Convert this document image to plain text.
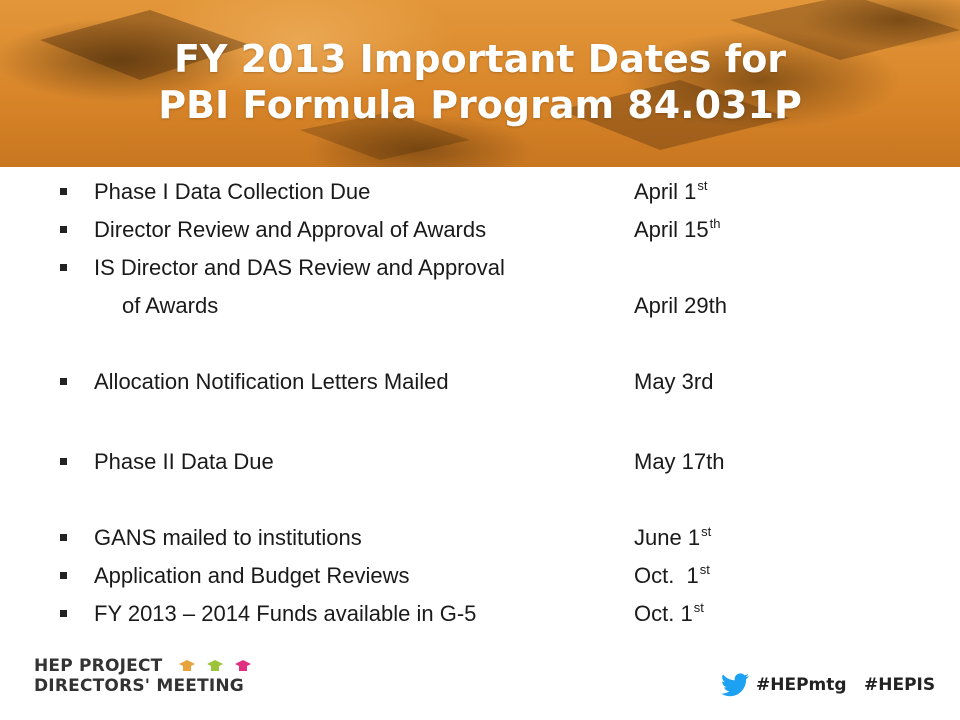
FY 2013 Important Dates for
PBI Formula Program 84.031P
Phase I Data Collection Due	April 1st
Director Review and Approval of Awards	April 15th
IS Director and DAS Review and Approval
of Awards	April 29th
Allocation Notification Letters Mailed	May 3rd
Phase II Data Due	May 17th
GANS mailed to institutions	June 1st
Application and Budget Reviews	Oct.  1st
FY 2013 – 2014 Funds available in G-5	Oct. 1st
HEP PROJECT
DIRECTORS' MEETING	#HEPmtg #HEPIS
